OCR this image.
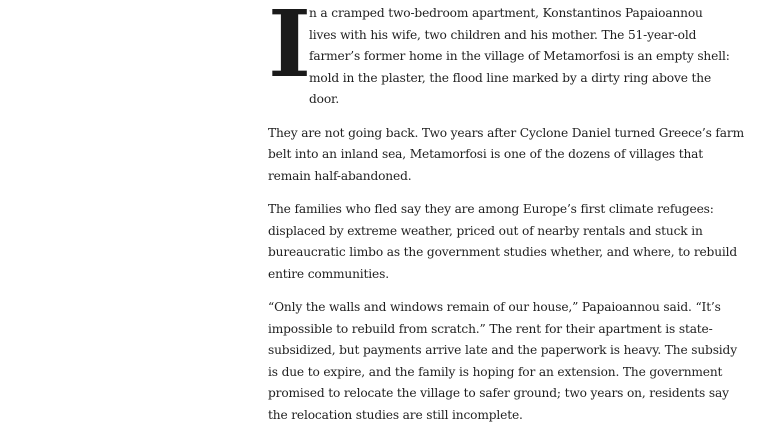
I
n a cramped two-bedroom apartment, Konstantinos Papaioannou
lives with his wife, two children and his mother. The 51-year-old
farmer’s former home in the village of Metamorfosi is an empty shell:
mold in the plaster, the flood line marked by a dirty ring above the
door.
They are not going back. Two years after Cyclone Daniel turned Greece’s farm
belt into an inland sea, Metamorfosi is one of the dozens of villages that
remain half-abandoned.
The families who fled say they are among Europe’s first climate refugees:
displaced by extreme weather, priced out of nearby rentals and stuck in
bureaucratic limbo as the government studies whether, and where, to rebuild
entire communities.
“Only the walls and windows remain of our house,” Papaioannou said. “It’s
impossible to rebuild from scratch.” The rent for their apartment is state-
subsidized, but payments arrive late and the paperwork is heavy. The subsidy
is due to expire, and the family is hoping for an extension. The government
promised to relocate the village to safer ground; two years on, residents say
the relocation studies are still incomplete.
